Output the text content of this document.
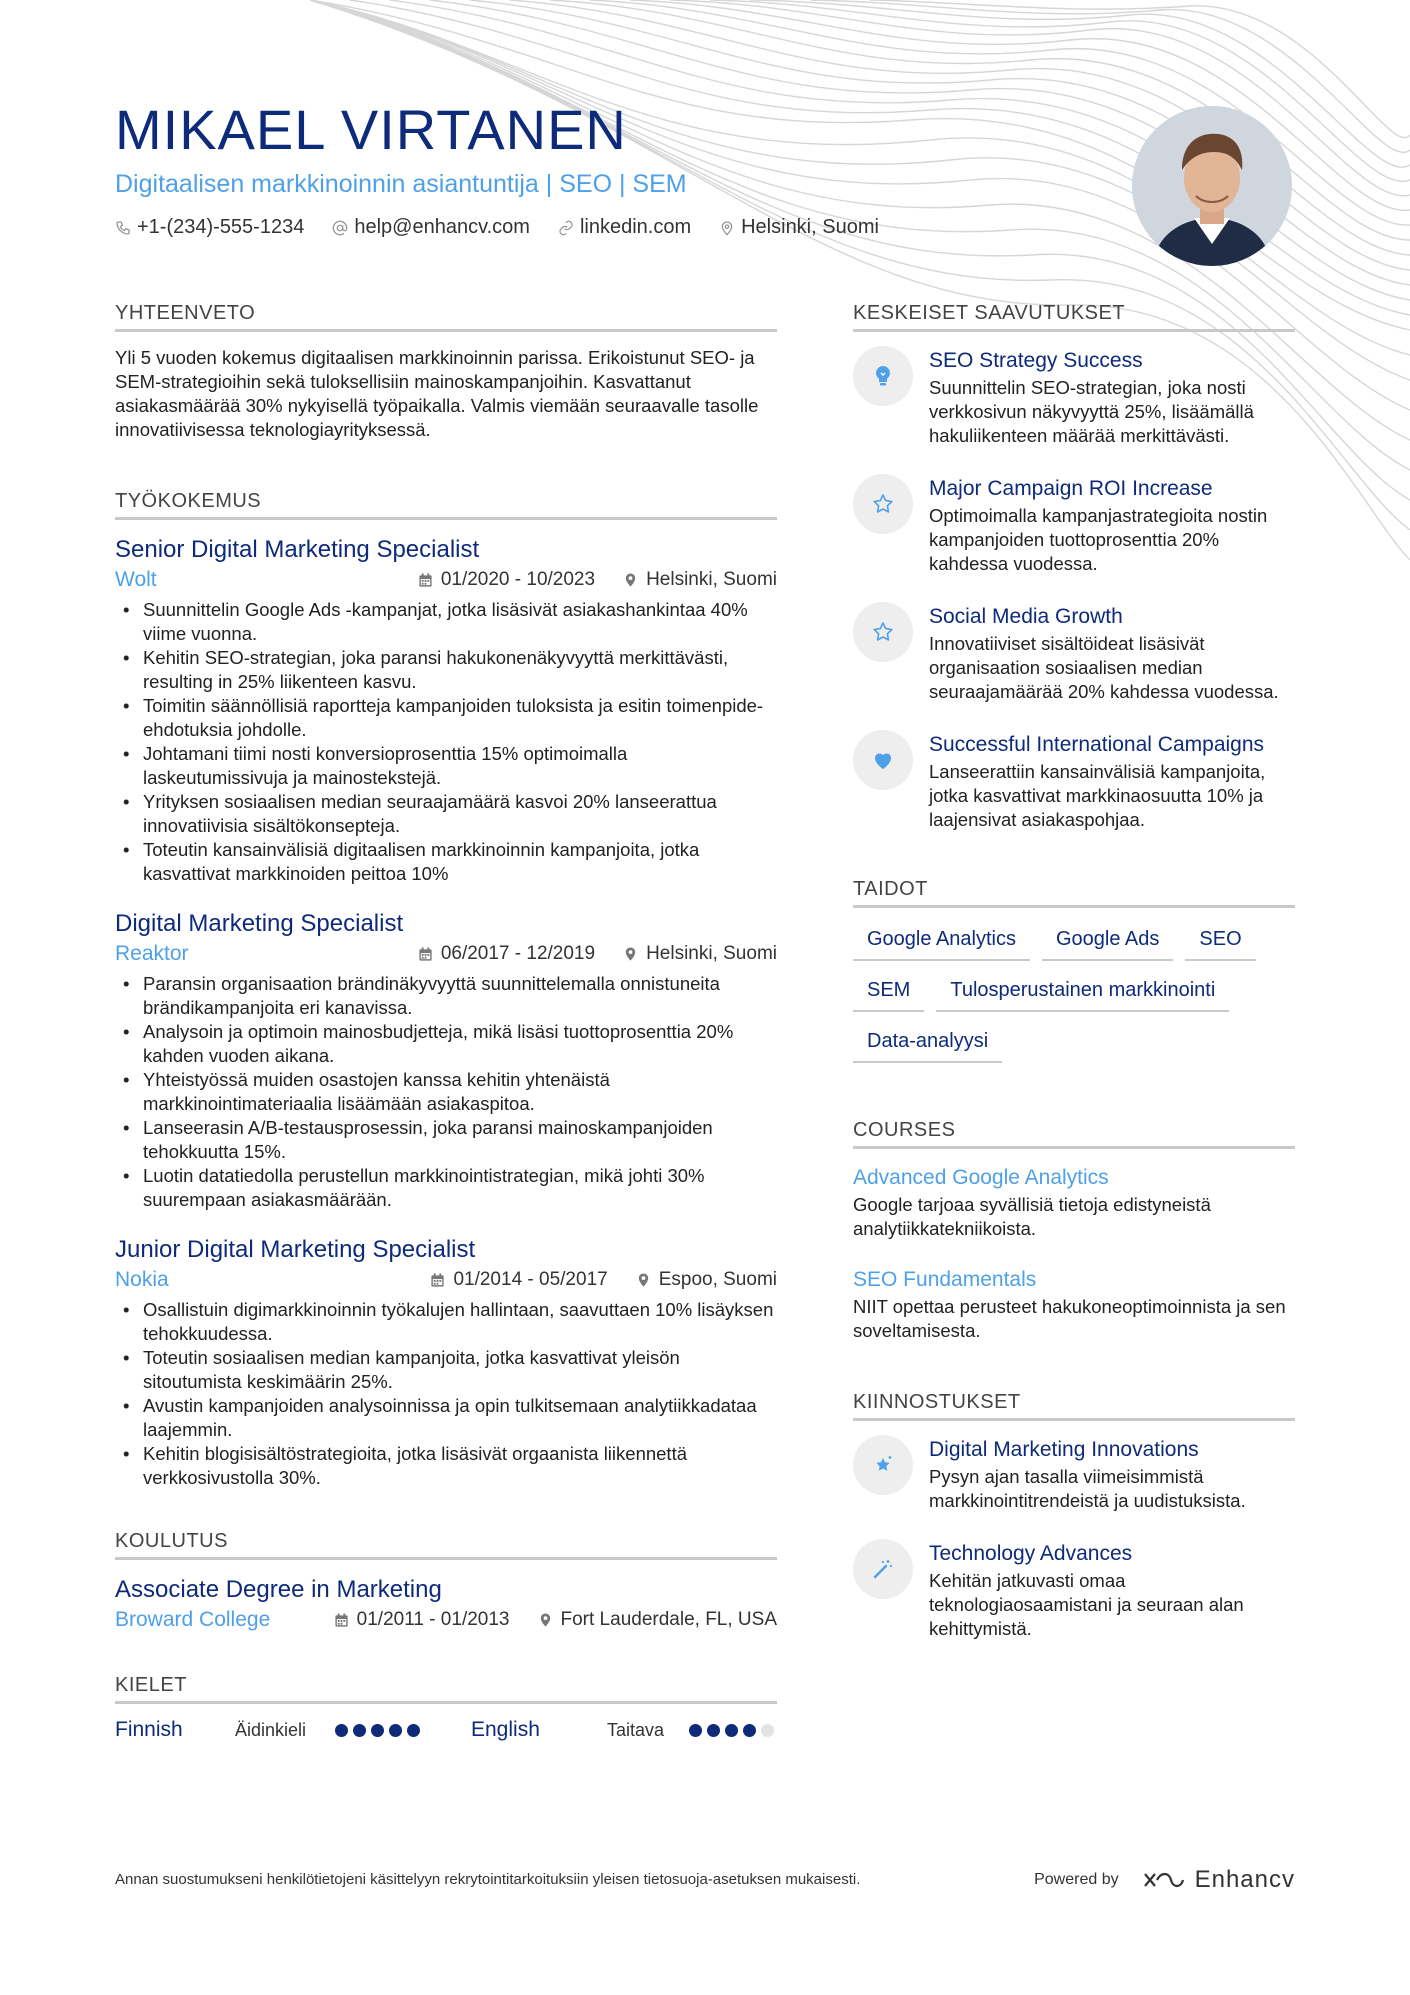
MIKAEL VIRTANEN
Digitaalisen markkinoinnin asiantuntija | SEO | SEM
+1-(234)-555-1234	help@enhancv.com	linkedin.com	Helsinki, Suomi
YHTEENVETO

Yli 5 vuoden kokemus digitaalisen markkinoinnin parissa. Erikoistunut SEO- ja SEM-strategioihin sekä tuloksellisiin mainoskampanjoihin. Kasvattanut asiakasmäärää 30% nykyisellä työpaikalla. Valmis viemään seuraavalle tasolle innovatiivisessa teknologiayrityksessä.

TYÖKOKEMUS
Senior Digital Marketing Specialist
Wolt	01/2020 - 10/2023	Helsinki, Suomi
• Suunnittelin Google Ads -kampanjat, jotka lisäsivät asiakashankintaa 40% viime vuonna.
• Kehitin SEO-strategian, joka paransi hakukonenäkyvyyttä merkittävästi, resulting in 25% liikenteen kasvu.
• Toimitin säännöllisiä raportteja kampanjoiden tuloksista ja esitin toimenpide-ehdotuksia johdolle.
• Johtamani tiimi nosti konversioprosenttia 15% optimoimalla laskeutumissivuja ja mainostekstejä.
• Yrityksen sosiaalisen median seuraajamäärä kasvoi 20% lanseerattua innovatiivisia sisältökonsepteja.
• Toteutin kansainvälisiä digitaalisen markkinoinnin kampanjoita, jotka kasvattivat markkinoiden peittoa 10%
Digital Marketing Specialist
Reaktor	06/2017 - 12/2019	Helsinki, Suomi
• Paransin organisaation brändinäkyvyyttä suunnittelemalla onnistuneita brändikampanjoita eri kanavissa.
• Analysoin ja optimoin mainosbudjetteja, mikä lisäsi tuottoprosenttia 20% kahden vuoden aikana.
• Yhteistyössä muiden osastojen kanssa kehitin yhtenäistä markkinointimateriaalia lisäämään asiakaspitoa.
• Lanseerasin A/B-testausprosessin, joka paransi mainoskampanjoiden tehokkuutta 15%.
• Luotin datatiedolla perustellun markkinointistrategian, mikä johti 30% suurempaan asiakasmäärään.
Junior Digital Marketing Specialist
Nokia	01/2014 - 05/2017	Espoo, Suomi
• Osallistuin digimarkkinoinnin työkalujen hallintaan, saavuttaen 10% lisäyksen tehokkuudessa.
• Toteutin sosiaalisen median kampanjoita, jotka kasvattivat yleisön sitoutumista keskimäärin 25%.
• Avustin kampanjoiden analysoinnissa ja opin tulkitsemaan analytiikkadataa laajemmin.
• Kehitin blogisisältöstrategioita, jotka lisäsivät orgaanista liikennettä verkkosivustolla 30%.
KOULUTUS
Associate Degree in Marketing
Broward College	01/2011 - 01/2013	Fort Lauderdale, FL, USA
KIELET
Finnish	Äidinkieli	English	Taitava
KESKEISET SAAVUTUKSET
SEO Strategy Success
Suunnittelin SEO-strategian, joka nosti verkkosivun näkyvyyttä 25%, lisäämällä hakuliikenteen määrää merkittävästi.
Major Campaign ROI Increase
Optimoimalla kampanjastrategioita nostin kampanjoiden tuottoprosenttia 20% kahdessa vuodessa.
Social Media Growth
Innovatiiviset sisältöideat lisäsivät organisaation sosiaalisen median seuraajamäärää 20% kahdessa vuodessa.
Successful International Campaigns
Lanseerattiin kansainvälisiä kampanjoita, jotka kasvattivat markkinaosuutta 10% ja laajensivat asiakaspohjaa.
TAIDOT
Google Analytics	Google Ads	SEO
SEM	Tulosperustainen markkinointi
Data-analyysi
COURSES
Advanced Google Analytics
Google tarjoaa syvällisiä tietoja edistyneistä analytiikkatekniikoista.
SEO Fundamentals
NIIT opettaa perusteet hakukoneoptimoinnista ja sen soveltamisesta.
KIINNOSTUKSET
Digital Marketing Innovations
Pysyn ajan tasalla viimeisimmistä markkinointitrendeistä ja uudistuksista.
Technology Advances
Kehitän jatkuvasti omaa teknologiaosaamistani ja seuraan alan kehittymistä.
Annan suostumukseni henkilötietojeni käsittelyyn rekrytointitarkoituksiin yleisen tietosuoja-asetuksen mukaisesti.	Powered by	Enhancv
